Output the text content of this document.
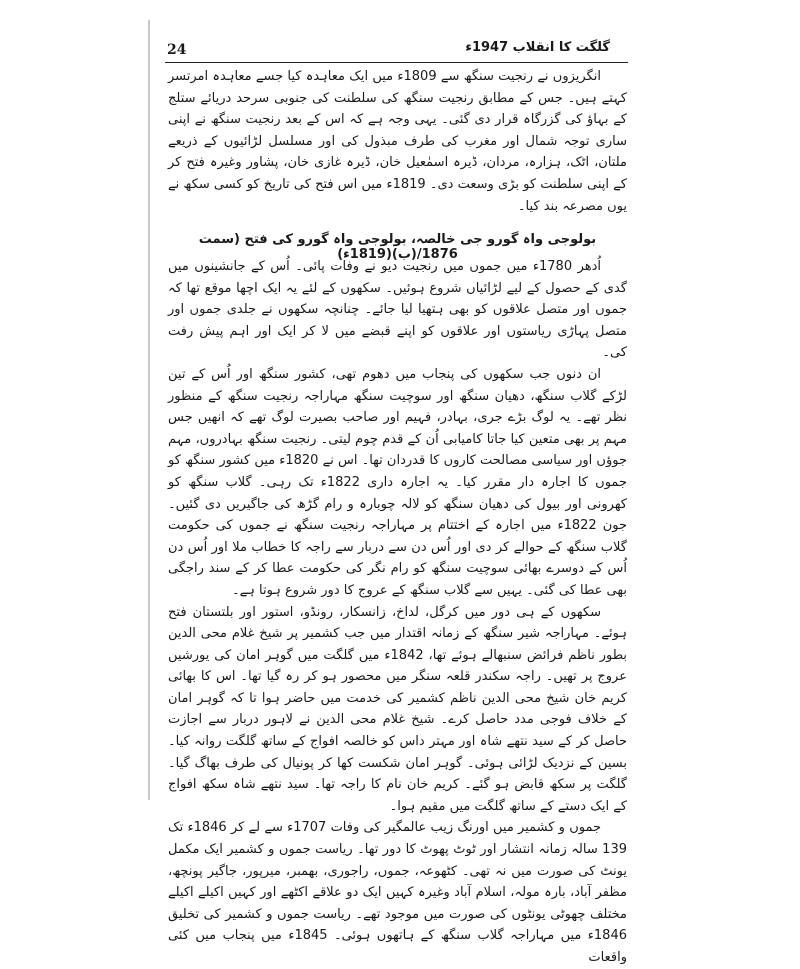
24	گلگت کا انقلاب 1947ء

انگریزوں نے رنجیت سنگھ سے 1809ء میں ایک معاہدہ کیا جسے معاہدہ امرتسر کہتے ہیں۔ جس کے مطابق رنجیت سنگھ کی سلطنت کی جنوبی سرحد دریائے ستلج کے بہاؤ کی گزرگاہ قرار دی گئی۔ یہی وجہ ہے کہ اس کے بعد رنجیت سنگھ نے اپنی ساری توجہ شمال اور مغرب کی طرف مبذول کی اور مسلسل لڑائیوں کے ذریعے ملتان، اٹک، ہزارہ، مردان، ڈیرہ اسمٰعیل خان، ڈیرہ غازی خان، پشاور وغیرہ فتح کر کے اپنی سلطنت کو بڑی وسعت دی۔ 1819ء میں اس فتح کی تاریخ کو کسی سکھ نے یوں مصرعہ بند کیا۔

بولوجی واہ گورو جی خالصہ، بولوجی واہ گورو کی فتح (سمت 1876/(ب)(1819ء)

اُدھر 1780ء میں جموں میں رنجیت دیو نے وفات پائی۔ اُس کے جانشینوں میں گدی کے حصول کے لیے لڑائیاں شروع ہوئیں۔ سکھوں کے لئے یہ ایک اچھا موقع تھا کہ جموں اور متصل علاقوں کو بھی ہتھیا لیا جائے۔ چنانچہ سکھوں نے جلدی جموں اور متصل پہاڑی ریاستوں اور علاقوں کو اپنے قبضے میں لا کر ایک اور اہم پیش رفت کی۔

ان دنوں جب سکھوں کی پنجاب میں دھوم تھی، کشور سنگھ اور اُس کے تین لڑکے گلاب سنگھ، دھیان سنگھ اور سوچیت سنگھ مہاراجہ رنجیت سنگھ کے منظور نظر تھے۔ یہ لوگ بڑے جری، بہادر، فہیم اور صاحب بصیرت لوگ تھے کہ انھیں جس مہم پر بھی متعین کیا جاتا کامیابی اُن کے قدم چوم لیتی۔ رنجیت سنگھ بہادروں، مہم جوؤں اور سیاسی مصالحت کاروں کا قدردان تھا۔ اس نے 1820ء میں کشور سنگھ کو جموں کا اجارہ دار مقرر کیا۔ یہ اجارہ داری 1822ء تک رہی۔ گلاب سنگھ کو کھرونی اور بیول کی دھیان سنگھ کو لالہ چوبارہ و رام گڑھ کی جاگیریں دی گئیں۔ جون 1822ء میں اجارہ کے اختتام پر مہاراجہ رنجیت سنگھ نے جموں کی حکومت گلاب سنگھ کے حوالے کر دی اور اُس دن سے دربار سے راجہ کا خطاب ملا اور اُس دن اُس کے دوسرے بھائی سوچیت سنگھ کو رام نگر کی حکومت عطا کر کے سند راجگی بھی عطا کی گئی۔ یہیں سے گلاب سنگھ کے عروج کا دور شروع ہوتا ہے۔

سکھوں کے ہی دور میں کرگل، لداخ، زانسکار، رونڈو، استور اور بلتستان فتح ہوئے۔ مہاراجہ شیر سنگھ کے زمانہ اقتدار میں جب کشمیر پر شیخ غلام محی الدین بطور ناظم فرائض سنبھالے ہوئے تھا، 1842ء میں گلگت میں گوہر امان کی یورشیں عروج پر تھیں۔ راجہ سکندر قلعہ سنگر میں محصور ہو کر رہ گیا تھا۔ اس کا بھائی کریم خان شیخ محی الدین ناظم کشمیر کی خدمت میں حاضر ہوا تا کہ گوہر امان کے خلاف فوجی مدد حاصل کرے۔ شیخ غلام محی الدین نے لاہور دربار سے اجازت حاصل کر کے سید نتھے شاہ اور مہتر داس کو خالصہ افواج کے ساتھ گلگت روانہ کیا۔ بسین کے نزدیک لڑائی ہوئی۔ گوہر امان شکست کھا کر پونیال کی طرف بھاگ گیا۔ گلگت پر سکھ قابض ہو گئے۔ کریم خان نام کا راجہ تھا۔ سید نتھے شاہ سکھ افواج کے ایک دستے کے ساتھ گلگت میں مقیم ہوا۔

جموں و کشمیر میں اورنگ زیب عالمگیر کی وفات 1707ء سے لے کر 1846ء تک 139 سالہ زمانہ انتشار اور ٹوٹ پھوٹ کا دور تھا۔ ریاست جموں و کشمیر ایک مکمل یونٹ کی صورت میں نہ تھی۔ کٹھوعہ، جموں، راجوری، بھمبر، میرپور، جاگیر پونچھ، مظفر آباد، بارہ مولہ، اسلام آباد وغیرہ کہیں ایک دو علاقے اکٹھے اور کہیں اکیلے اکیلے مختلف چھوٹی یونٹوں کی صورت میں موجود تھے۔ ریاست جموں و کشمیر کی تخلیق 1846ء میں مہاراجہ گلاب سنگھ کے ہاتھوں ہوئی۔ 1845ء میں پنجاب میں کئی واقعات
